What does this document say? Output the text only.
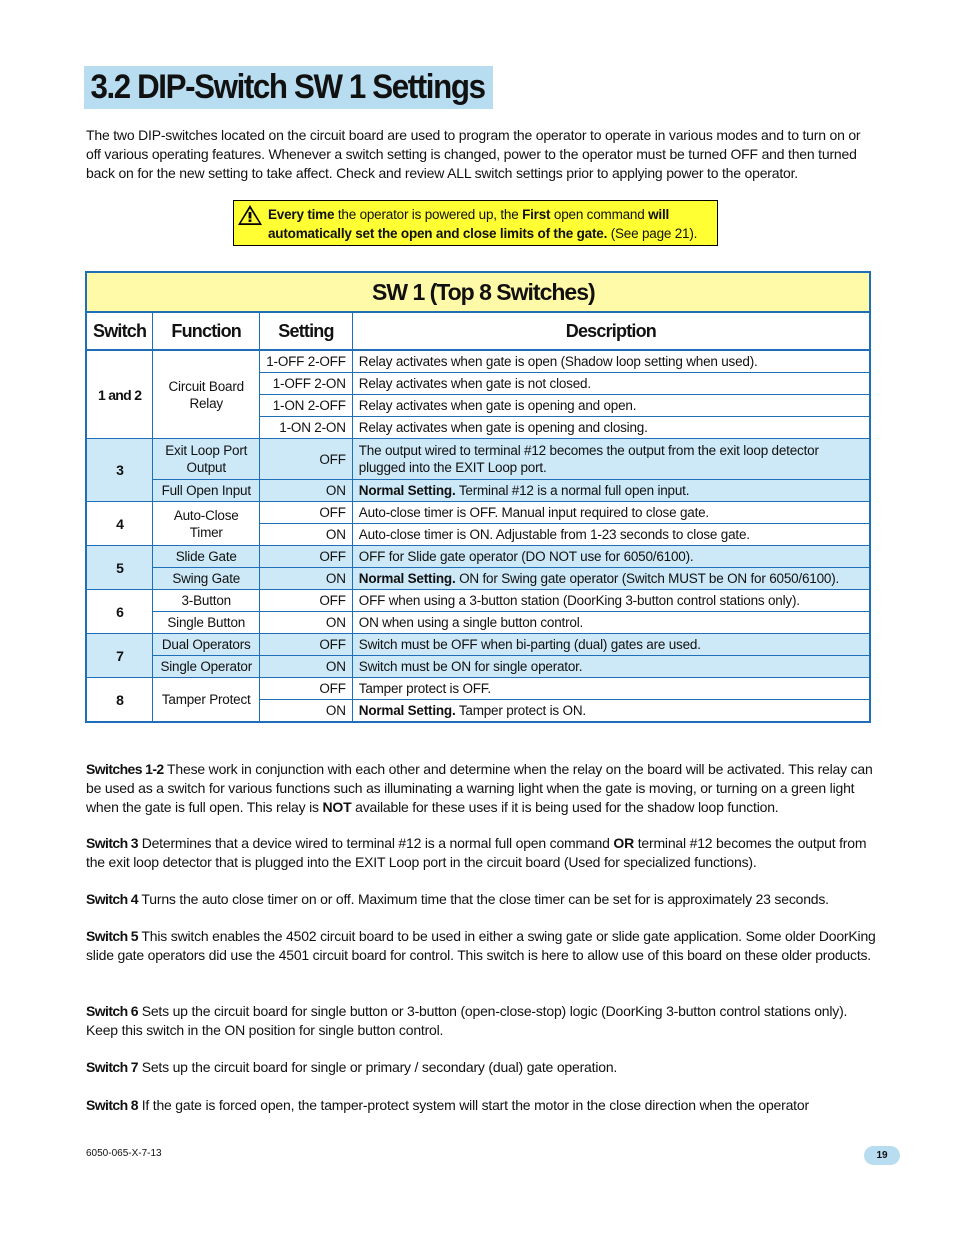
3.2 DIP-Switch SW 1 Settings
The two DIP-switches located on the circuit board are used to program the operator to operate in various modes and to turn on or off various operating features. Whenever a switch setting is changed, power to the operator must be turned OFF and then turned back on for the new setting to take affect. Check and review ALL switch settings prior to applying power to the operator.
Every time the operator is powered up, the First open command will automatically set the open and close limits of the gate. (See page 21).
SW 1 (Top 8 Switches)			
Switch	Function	Setting	Description
1 and 2	Circuit Board Relay	1-OFF 2-OFF	Relay activates when gate is open (Shadow loop setting when used).
		1-OFF 2-ON	Relay activates when gate is not closed.
		1-ON 2-OFF	Relay activates when gate is opening and open.
		1-ON 2-ON	Relay activates when gate is opening and closing.
3	Exit Loop Port Output	OFF	The output wired to terminal #12 becomes the output from the exit loop detector plugged into the EXIT Loop port.
	Full Open Input	ON	Normal Setting. Terminal #12 is a normal full open input.
4	Auto-Close Timer	OFF	Auto-close timer is OFF. Manual input required to close gate.
		ON	Auto-close timer is ON. Adjustable from 1-23 seconds to close gate.
5	Slide Gate	OFF	OFF for Slide gate operator (DO NOT use for 6050/6100).
	Swing Gate	ON	Normal Setting. ON for Swing gate operator (Switch MUST be ON for 6050/6100).
6	3-Button	OFF	OFF when using a 3-button station (DoorKing 3-button control stations only).
	Single Button	ON	ON when using a single button control.
7	Dual Operators	OFF	Switch must be OFF when bi-parting (dual) gates are used.
	Single Operator	ON	Switch must be ON for single operator.
8	Tamper Protect	OFF	Tamper protect is OFF.
		ON	Normal Setting. Tamper protect is ON.
Switches 1-2 These work in conjunction with each other and determine when the relay on the board will be activated. This relay can be used as a switch for various functions such as illuminating a warning light when the gate is moving, or turning on a green light when the gate is full open. This relay is NOT available for these uses if it is being used for the shadow loop function.
Switch 3 Determines that a device wired to terminal #12 is a normal full open command OR terminal #12 becomes the output from the exit loop detector that is plugged into the EXIT Loop port in the circuit board (Used for specialized functions).
Switch 4 Turns the auto close timer on or off. Maximum time that the close timer can be set for is approximately 23 seconds.
Switch 5 This switch enables the 4502 circuit board to be used in either a swing gate or slide gate application. Some older DoorKing slide gate operators did use the 4501 circuit board for control. This switch is here to allow use of this board on these older products.
Switch 6 Sets up the circuit board for single button or 3-button (open-close-stop) logic (DoorKing 3-button control stations only). Keep this switch in the ON position for single button control.
Switch 7 Sets up the circuit board for single or primary / secondary (dual) gate operation.
Switch 8 If the gate is forced open, the tamper-protect system will start the motor in the close direction when the operator
6050-065-X-7-13	19
